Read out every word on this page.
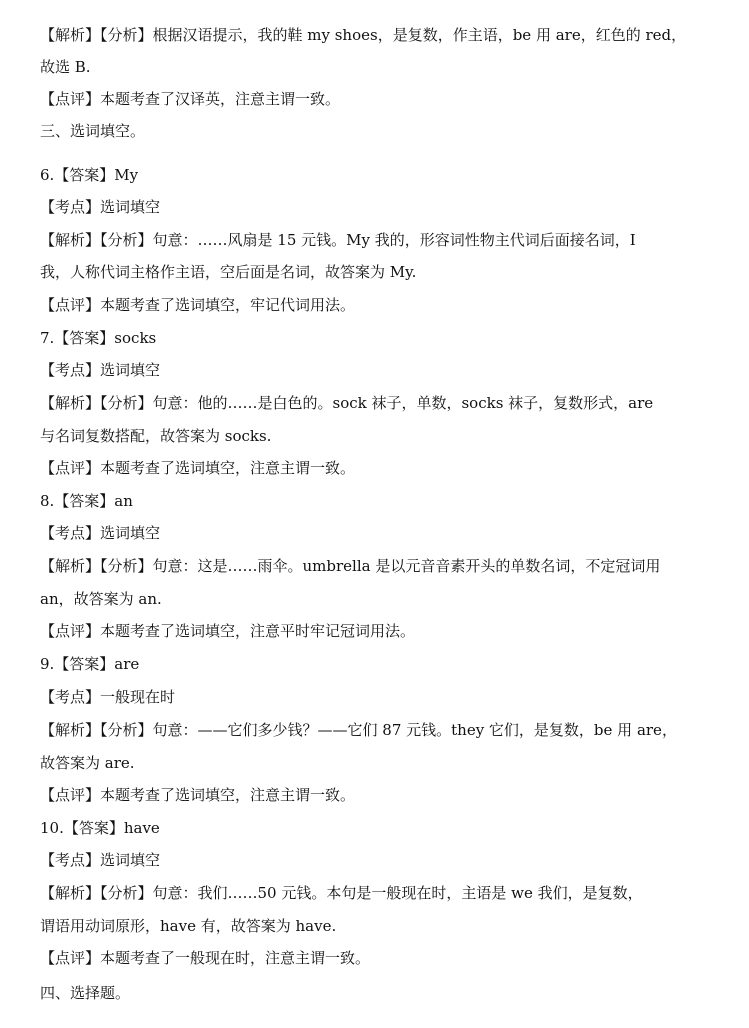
【解析】【分析】根据汉语提示，我的鞋 my shoes，是复数，作主语，be 用 are，红色的 red，
故选 B.
【点评】本题考查了汉译英，注意主谓一致。
三、选词填空。
6.【答案】My
【考点】选词填空
【解析】【分析】句意：……风扇是 15 元钱。My 我的，形容词性物主代词后面接名词，I
我，人称代词主格作主语，空后面是名词，故答案为 My.
【点评】本题考查了选词填空，牢记代词用法。
7.【答案】socks
【考点】选词填空
【解析】【分析】句意：他的……是白色的。sock 袜子，单数，socks 袜子，复数形式，are
与名词复数搭配，故答案为 socks.
【点评】本题考查了选词填空，注意主谓一致。
8.【答案】an
【考点】选词填空
【解析】【分析】句意：这是……雨伞。umbrella 是以元音音素开头的单数名词，不定冠词用
an，故答案为 an.
【点评】本题考查了选词填空，注意平时牢记冠词用法。
9.【答案】are
【考点】一般现在时
【解析】【分析】句意：——它们多少钱？——它们 87 元钱。they 它们，是复数，be 用 are，
故答案为 are.
【点评】本题考查了选词填空，注意主谓一致。
10.【答案】have
【考点】选词填空
【解析】【分析】句意：我们……50 元钱。本句是一般现在时，主语是 we 我们，是复数，
谓语用动词原形，have 有，故答案为 have.
【点评】本题考查了一般现在时，注意主谓一致。
四、选择题。
